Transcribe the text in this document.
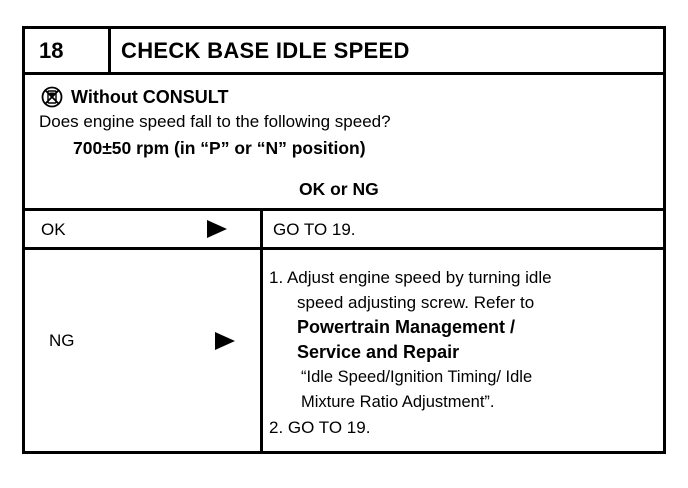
18	CHECK BASE IDLE SPEED
Without CONSULT
Does engine speed fall to the following speed?
700±50 rpm (in “P” or “N” position)
OK or NG
OK	GO TO 19.
NG
1. Adjust engine speed by turning idle
speed adjusting screw. Refer to
Powertrain Management /
Service and Repair
“Idle Speed/Ignition Timing/ Idle
Mixture Ratio Adjustment”.
2. GO TO 19.
